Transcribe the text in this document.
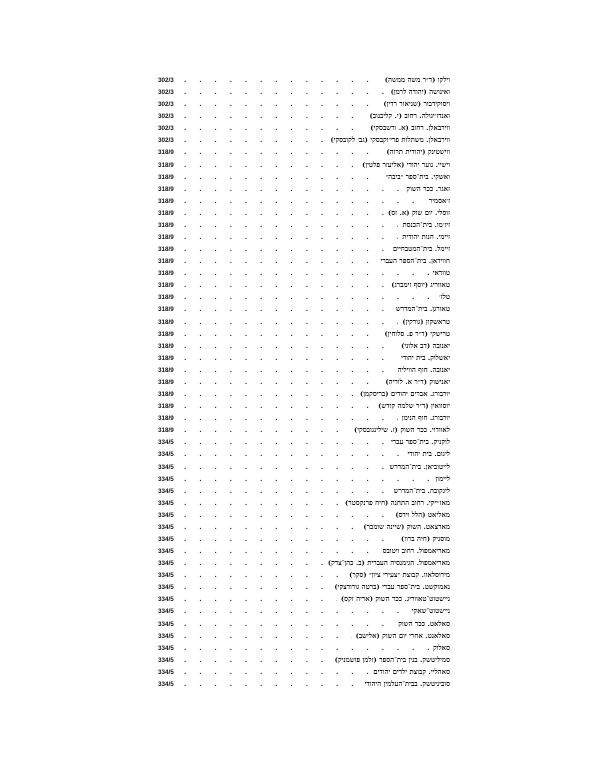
וילקו (ד״ר משה ממשה)
. . .
302/3
ואינושה (יהודה לרמן)
. . .
302/3
ויסוקידבור (שניאור רדין)
. . .
302/3
ואנדז׳יגולה. רחוב (י. קליבנוב)
. . .
302/3
ווירבאלן. רחוב (א. ורשבסקי)
. . .
302/3
ווירבאלן. משתלות פרי׳וקבסקי (גב׳ לקובסקי)
. . .
302/3
ווישטינק (יהודית תרוה)
. . .
318/9
וישיי. נוער יהודי (אליעזר פלטין)
. . .
318/9
ואשקי. בית־ספר ״ביבה״
. . .
318/9
זאגר. ככר השוק
. . .
318/9
ז׳אסמיר
. . .
318/9
זוסלי. יום שוק (א. זס)
. . .
318/9
זיז׳מו. בית־הכנסת
. . .
318/9
זיימי. חנות יהודית
. . .
318/9
זיימל. בית־המטבחיים
. . .
318/9
חווידאן. בית־הספר העברי
. . .
318/9
טווראי
. . .
318/9
טאווריג (יוסף זימברג)
. . .
318/9
טלז׳
. . .
318/9
טאורגן. בית־המדרש
. . .
318/9
טראשקון (גורקין)
. . .
318/9
טרישקי (ד״ר פ. סלוחין)
. . .
318/9
יאנובה (דב אלוני)
. . .
318/9
יאשלוק. בית יהודי
. . .
318/9
יאנובה. חוף הוויליה
. . .
318/9
יאנישוק (ד״ר א. לוריה)
. . .
318/9
יורבורג. אברים יהודים (בריסקמן)
. . .
318/9
יוסוואין (ד״ר שלמה קודש)
. . .
318/9
יורבורג. חוף הנימן
. . .
318/9
לאוודוי. ככר השוק (ז. שילינגובסקי)
. . .
318/9
לוקניק. בית־ספר עברי
. . .
334/5
ליגום. בית יהודי
. . .
334/5
לייטוביאן. בית־המדרש
. . .
334/5
ליימון
. . .
334/5
ליגקובה. בית־המדרש
. . .
334/5
מאז׳ייקי. רחוב התחנה (חיה פרנקסטר)
. . .
334/5
מאליאט (הלל וידס)
. . .
334/5
מארצאט. השוק (שיינה שומכר)
. . .
334/5
מוסניק (חיה ברוז)
. . .
334/5
מאריאמפול. רחוב ויטובס
. . .
334/5
מאריאמפול. הגימנסיה העברית (ב. כהן־צדק)
. . .
334/5
מירוסלאוו. קבוצת ״צעירי ציון״ (סקר)
. . .
334/5
נאמוקשט. בית־ספר עברי (ברטה גורודצקי)
. . .
334/5
ניישטוט־טאווריג. ככר השוק (אריה זקס)
. . .
334/5
ניישטוט־שאקי
. . .
334/5
סאלאט. ככר השוק
. . .
334/5
סאלאנט. אחרי יום השוק (אלישב)
. . .
334/5
סאלוק
. . .
334/5
סמיליטשק. בנין בית־הספר (זלמן פושמניק)
. . .
334/5
סאהליי. קבוצת ילדים יהודים
. . .
334/5
סוביניטשק. בבית־העלמין היהודי
. . .
334/5
